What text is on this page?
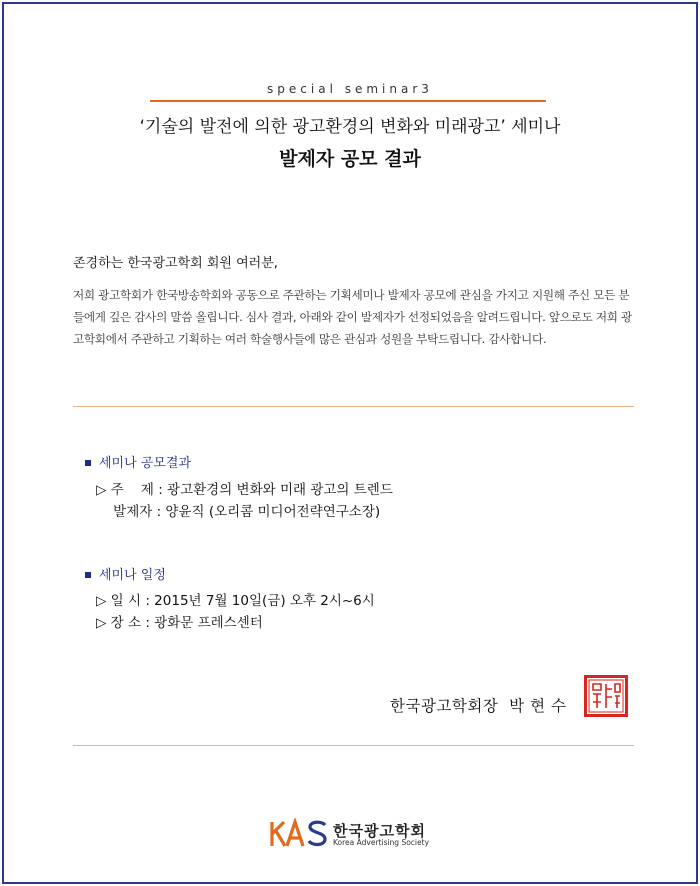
special seminar3
‘기술의 발전에 의한 광고환경의 변화와 미래광고’ 세미나
발제자 공모 결과
존경하는 한국광고학회 회원 여러분,
저희 광고학회가 한국방송학회와 공동으로 주관하는 기획세미나 발제자 공모에 관심을 가지고 지원해 주신 모든 분들에게 깊은 감사의 말씀 올립니다. 심사 결과, 아래와 같이 발제자가 선정되었음을 알려드립니다. 앞으로도 저희 광고학회에서 주관하고 기획하는 여러 학술행사들에 많은 관심과 성원을 부탁드립니다. 감사합니다.
세미나 공모결과
▷ 주    제 : 광고환경의 변화와 미래 광고의 트렌드
발제자 : 양윤직 (오리콤 미디어전략연구소장)
세미나 일정
▷ 일 시 : 2015년 7월 10일(금) 오후 2시~6시
▷ 장 소 : 광화문 프레스센터
한국광고학회장  박 현 수
한국광고학회
Korea Advertising Society
